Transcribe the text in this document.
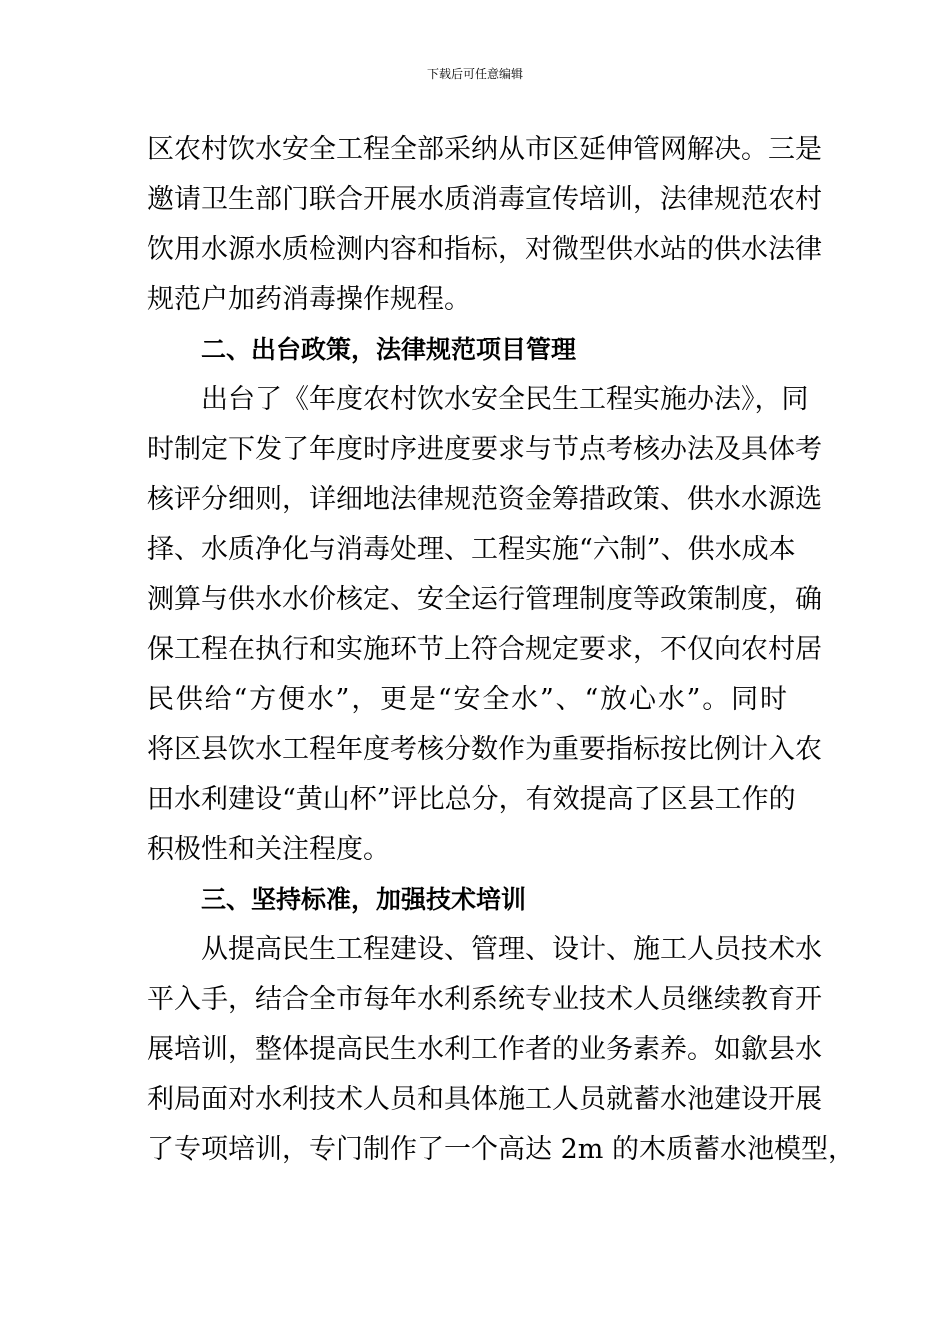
下载后可任意编辑
区农村饮水安全工程全部采纳从市区延伸管网解决。三是
邀请卫生部门联合开展水质消毒宣传培训，法律规范农村
饮用水源水质检测内容和指标，对微型供水站的供水法律
规范户加药消毒操作规程。
二、出台政策，法律规范项目管理
出台了《年度农村饮水安全民生工程实施办法》，同
时制定下发了年度时序进度要求与节点考核办法及具体考
核评分细则，详细地法律规范资金筹措政策、供水水源选
择、水质净化与消毒处理、工程实施“六制”、供水成本
测算与供水水价核定、安全运行管理制度等政策制度，确
保工程在执行和实施环节上符合规定要求，不仅向农村居
民供给“方便水”，更是“安全水”、“放心水”。同时
将区县饮水工程年度考核分数作为重要指标按比例计入农
田水利建设“黄山杯”评比总分，有效提高了区县工作的
积极性和关注程度。
三、坚持标准，加强技术培训
从提高民生工程建设、管理、设计、施工人员技术水
平入手，结合全市每年水利系统专业技术人员继续教育开
展培训，整体提高民生水利工作者的业务素养。如歙县水
利局面对水利技术人员和具体施工人员就蓄水池建设开展
了专项培训，专门制作了一个高达 2m 的木质蓄水池模型，
